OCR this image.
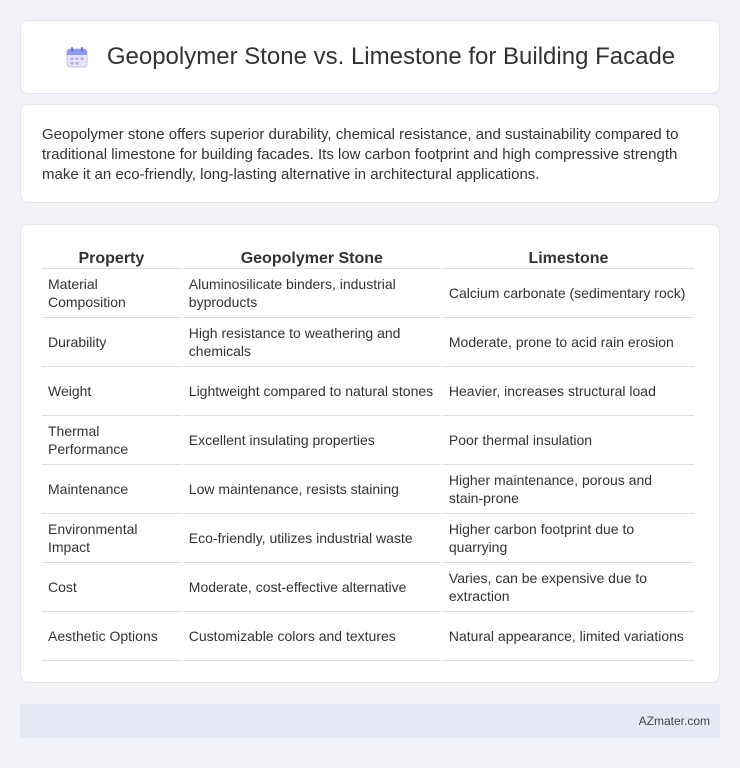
Geopolymer Stone vs. Limestone for Building Facade

Geopolymer stone offers superior durability, chemical resistance, and sustainability compared to traditional limestone for building facades. Its low carbon footprint and high compressive strength make it an eco-friendly, long-lasting alternative in architectural applications.

Property	Geopolymer Stone	Limestone
Material Composition	Aluminosilicate binders, industrial byproducts	Calcium carbonate (sedimentary rock)
Durability	High resistance to weathering and chemicals	Moderate, prone to acid rain erosion
Weight	Lightweight compared to natural stones	Heavier, increases structural load
Thermal Performance	Excellent insulating properties	Poor thermal insulation
Maintenance	Low maintenance, resists staining	Higher maintenance, porous and stain-prone
Environmental Impact	Eco-friendly, utilizes industrial waste	Higher carbon footprint due to quarrying
Cost	Moderate, cost-effective alternative	Varies, can be expensive due to extraction
Aesthetic Options	Customizable colors and textures	Natural appearance, limited variations
AZmater.com
